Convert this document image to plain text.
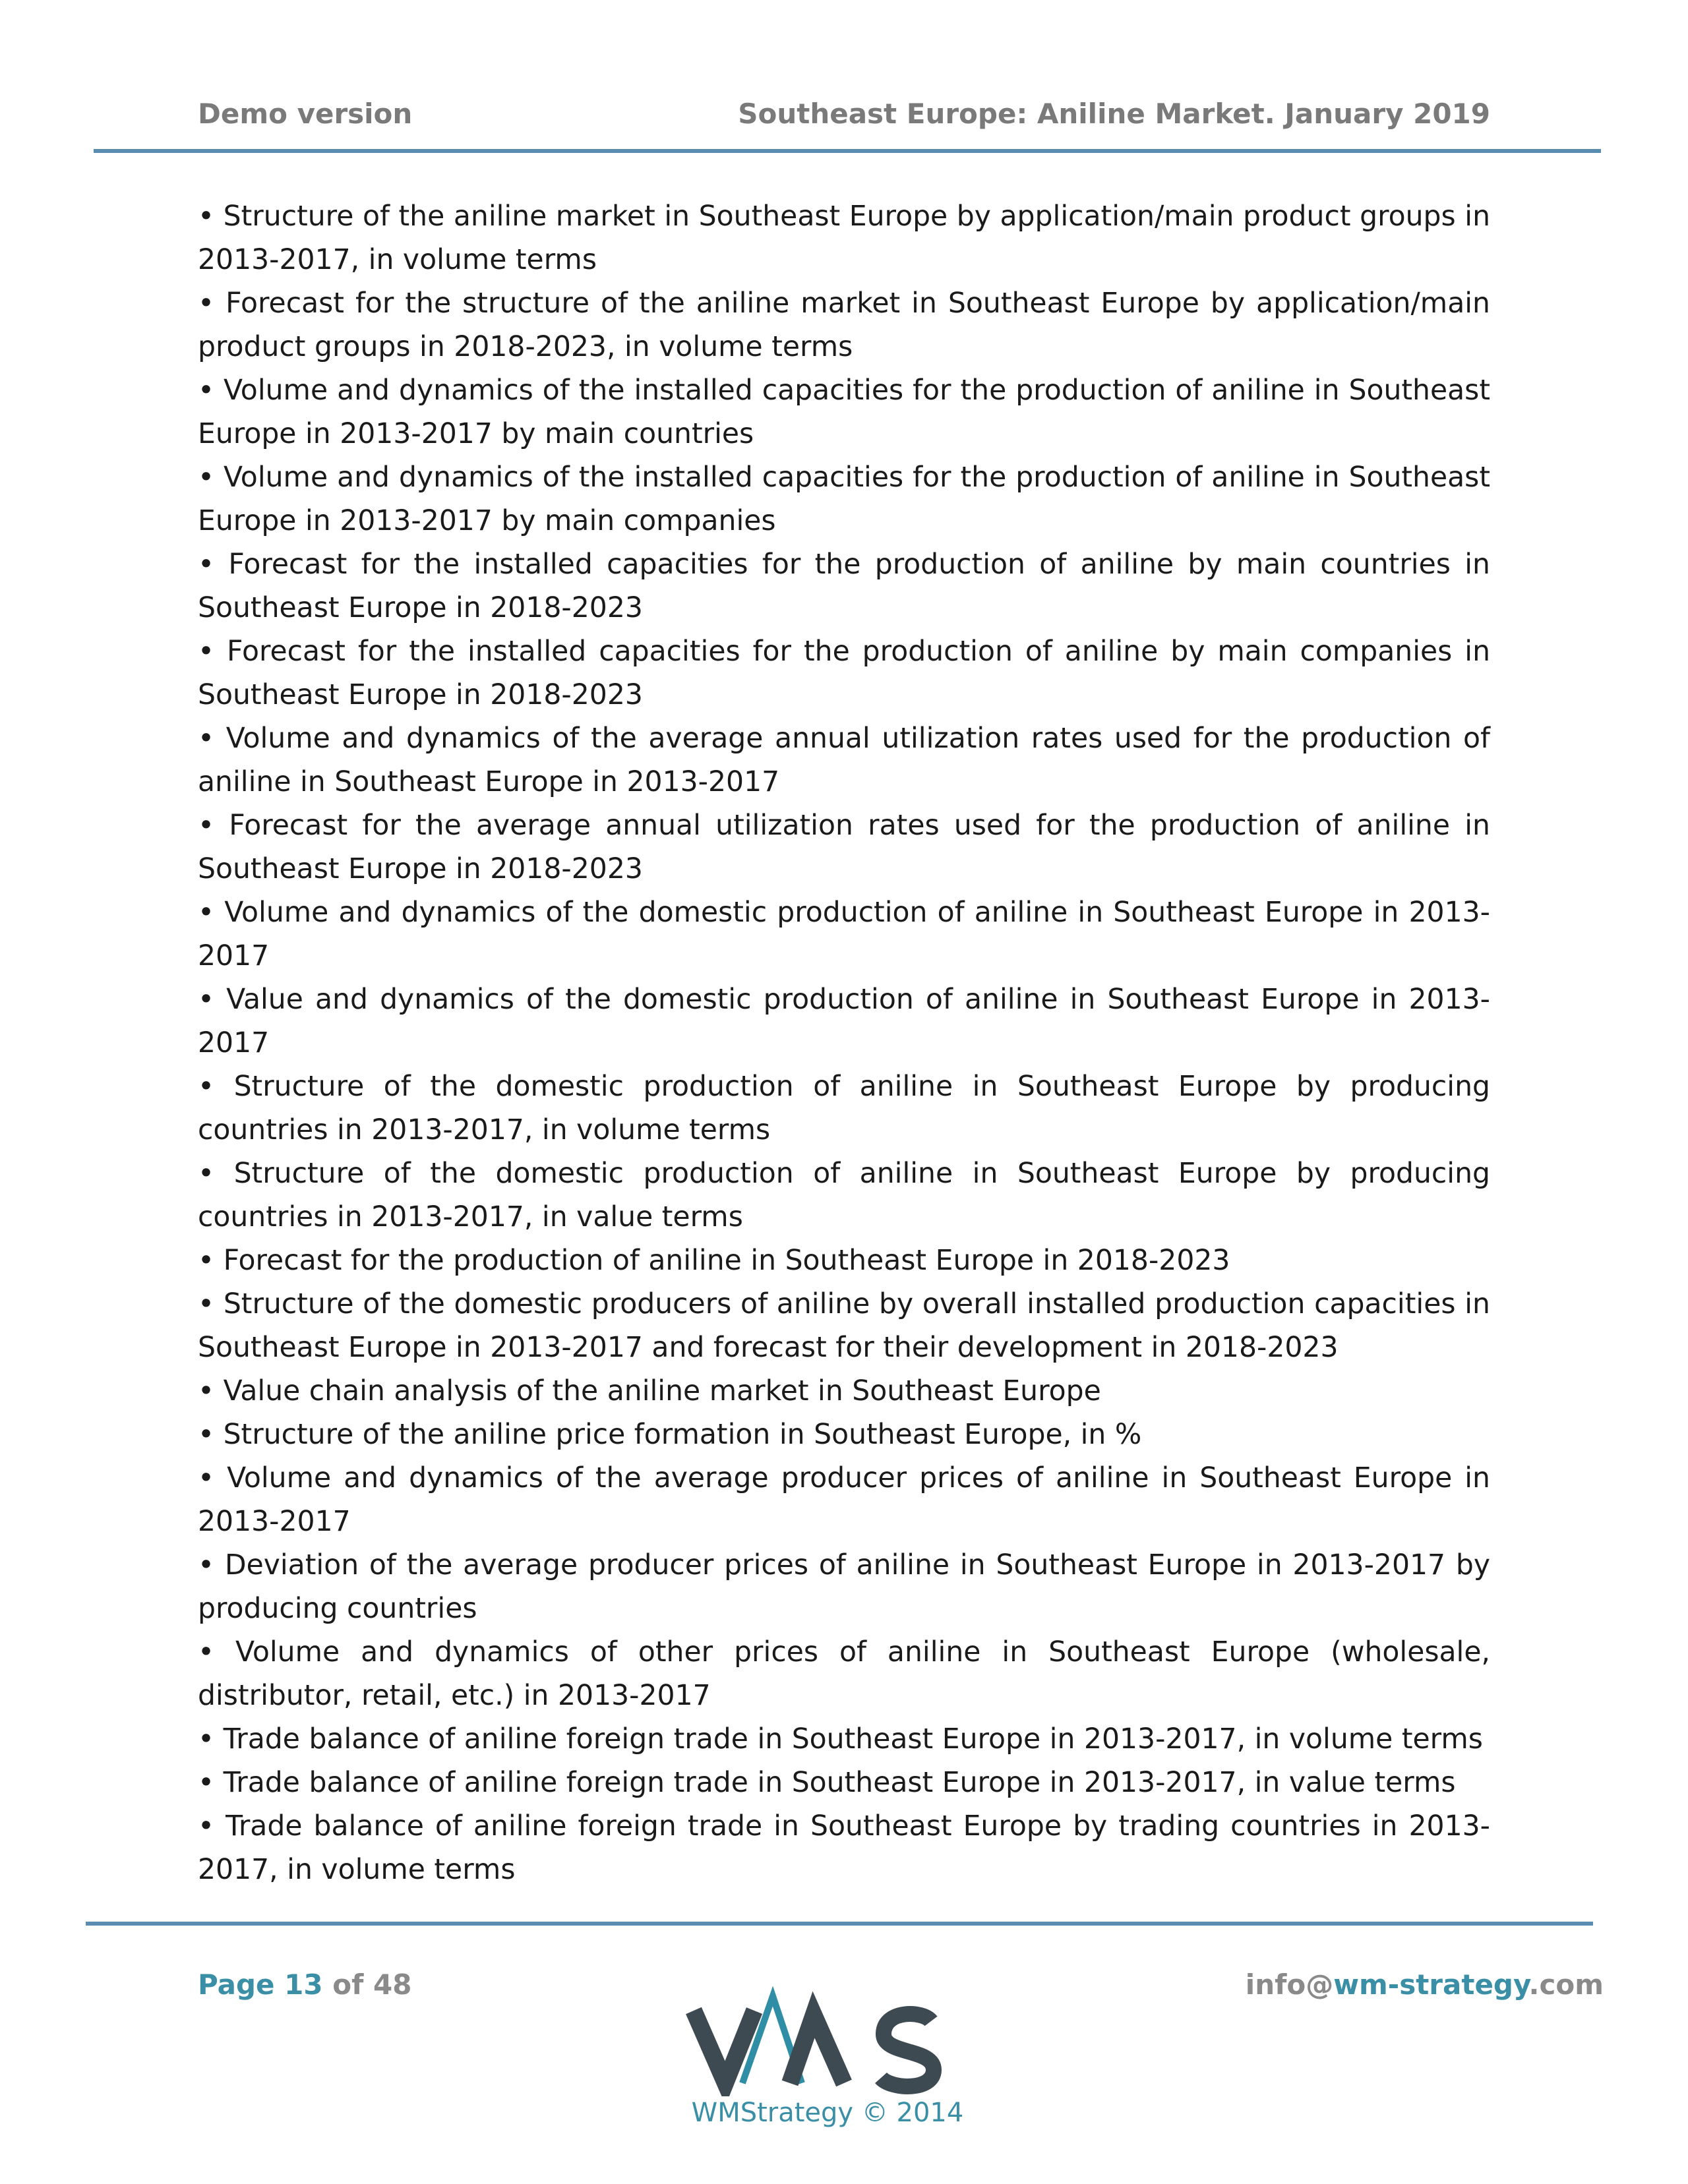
Demo version	Southeast Europe: Aniline Market. January 2019

• Structure of the aniline market in Southeast Europe by application/main product groups in 2013-2017, in volume terms

• Forecast for the structure of the aniline market in Southeast Europe by application/main product groups in 2018-2023, in volume terms

• Volume and dynamics of the installed capacities for the production of aniline in Southeast Europe in 2013-2017 by main countries

• Volume and dynamics of the installed capacities for the production of aniline in Southeast Europe in 2013-2017 by main companies

• Forecast for the installed capacities for the production of aniline by main countries in Southeast Europe in 2018-2023

• Forecast for the installed capacities for the production of aniline by main companies in Southeast Europe in 2018-2023

• Volume and dynamics of the average annual utilization rates used for the production of aniline in Southeast Europe in 2013-2017

• Forecast for the average annual utilization rates used for the production of aniline in Southeast Europe in 2018-2023

• Volume and dynamics of the domestic production of aniline in Southeast Europe in 2013-2017

• Value and dynamics of the domestic production of aniline in Southeast Europe in 2013-2017

• Structure of the domestic production of aniline in Southeast Europe by producing countries in 2013-2017, in volume terms

• Structure of the domestic production of aniline in Southeast Europe by producing countries in 2013-2017, in value terms

• Forecast for the production of aniline in Southeast Europe in 2018-2023

• Structure of the domestic producers of aniline by overall installed production capacities in Southeast Europe in 2013-2017 and forecast for their development in 2018-2023

• Value chain analysis of the aniline market in Southeast Europe

• Structure of the aniline price formation in Southeast Europe, in %

• Volume and dynamics of the average producer prices of aniline in Southeast Europe in 2013-2017

• Deviation of the average producer prices of aniline in Southeast Europe in 2013-2017 by producing countries

• Volume and dynamics of other prices of aniline in Southeast Europe (wholesale, distributor, retail, etc.) in 2013-2017

• Trade balance of aniline foreign trade in Southeast Europe in 2013-2017, in volume terms

• Trade balance of aniline foreign trade in Southeast Europe in 2013-2017, in value terms

• Trade balance of aniline foreign trade in Southeast Europe by trading countries in 2013-2017, in volume terms

Page 13 of 48	info@wm-strategy.com
WMStrategy © 2014
